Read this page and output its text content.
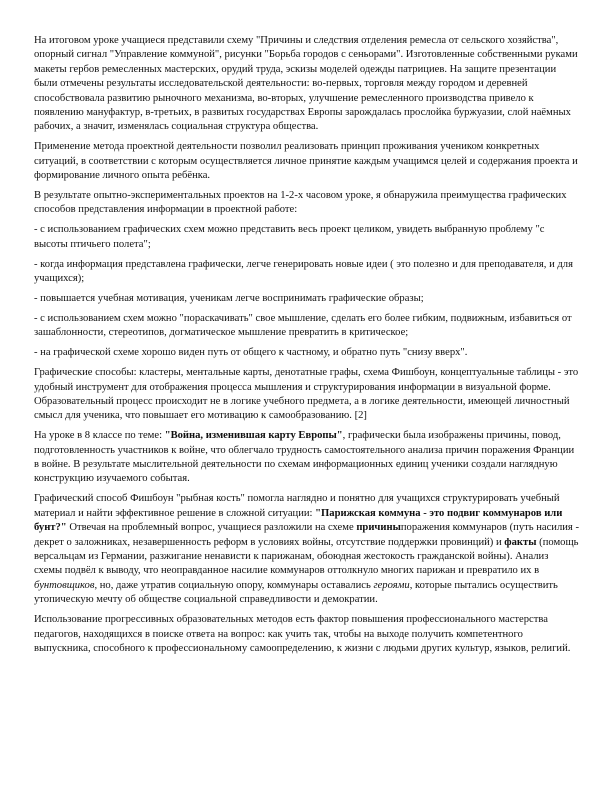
На итоговом уроке учащиеся представили схему "Причины и следствия отделения ремесла от сельского хозяйства", опорный сигнал "Управление коммуной", рисунки "Борьба городов с сеньорами". Изготовленные собственными руками макеты гербов ремесленных мастерских, орудий труда, эскизы моделей одежды патрициев. На защите презентации были отмечены результаты исследовательской деятельности: во-первых, торговля между городом и деревней способствовала развитию рыночного механизма, во-вторых, улучшение ремесленного производства привело к появлению мануфактур, в-третьих, в развитых государствах Европы зарождалась прослойка буржуазии, слой наёмных рабочих, а значит, изменялась социальная структура общества.

Применение метода проектной деятельности позволил реализовать принцип проживания учеником конкретных ситуаций, в соответствии с которым осуществляется личное принятие каждым учащимся целей и содержания проекта и формирование личного опыта ребёнка.

В результате опытно-экспериментальных проектов на 1-2-х часовом уроке, я обнаружила преимущества графических способов представления информации в проектной работе:

- с использованием графических схем можно представить весь проект целиком, увидеть выбранную проблему "с высоты птичьего полета";

- когда информация представлена графически, легче генерировать новые идеи ( это полезно и для преподавателя, и для учащихся);

- повышается учебная мотивация, ученикам легче воспринимать графические образы;

- с использованием схем можно "пораскачивать" свое мышление, сделать его более гибким, подвижным, избавиться от зашаблонности, стереотипов, догматическое мышление превратить в критическое;

- на графической схеме хорошо виден путь от общего к частному, и обратно путь "снизу вверх".

Графические способы: кластеры, ментальные карты, денотатные графы, схема Фишбоун, концептуальные таблицы - это удобный инструмент для отображения процесса мышления и структурирования информации в визуальной форме. Образовательный процесс происходит не в логике учебного предмета, а в логике деятельности, имеющей личностный смысл для ученика, что повышает его мотивацию к самообразованию. [2]

На уроке в 8 классе по теме: "Война, изменившая карту Европы", графически была изображены причины, повод, подготовленность участников к войне, что облегчало трудность самостоятельного анализа причин поражения Франции в войне. В результате мыслительной деятельности по схемам информационных единиц ученики создали наглядную конструкцию изучаемого событая.

Графический способ Фишбоун "рыбная кость" помогла наглядно и понятно для учащихся структурировать учебный материал и найти эффективное решение в сложной ситуации: "Парижская коммуна - это подвиг коммунаров или бунт?" Отвечая на проблемный вопрос, учащиеся разложили на схеме причиныпоражения коммунаров (путь насилия - декрет о заложниках, незавершенность реформ в условиях войны, отсутствие поддержки провинций) и факты (помощь версальцам из Германии, разжигание ненависти к парижанам, обоюдная жестокость гражданской войны). Анализ схемы подвёл к выводу, что неоправданное насилие коммунаров оттолкнуло многих парижан и превратило их в бунтовщиков, но, даже утратив социальную опору, коммунары оставались героями, которые пытались осуществить утопическую мечту об обществе социальной справедливости и демократии.

Использование прогрессивных образовательных методов есть фактор повышения профессионального мастерства педагогов, находящихся в поиске ответа на вопрос: как учить так, чтобы на выходе получить компетентного выпускника, способного к профессиональному самоопределению, к жизни с людьми других культур, языков, религий.
